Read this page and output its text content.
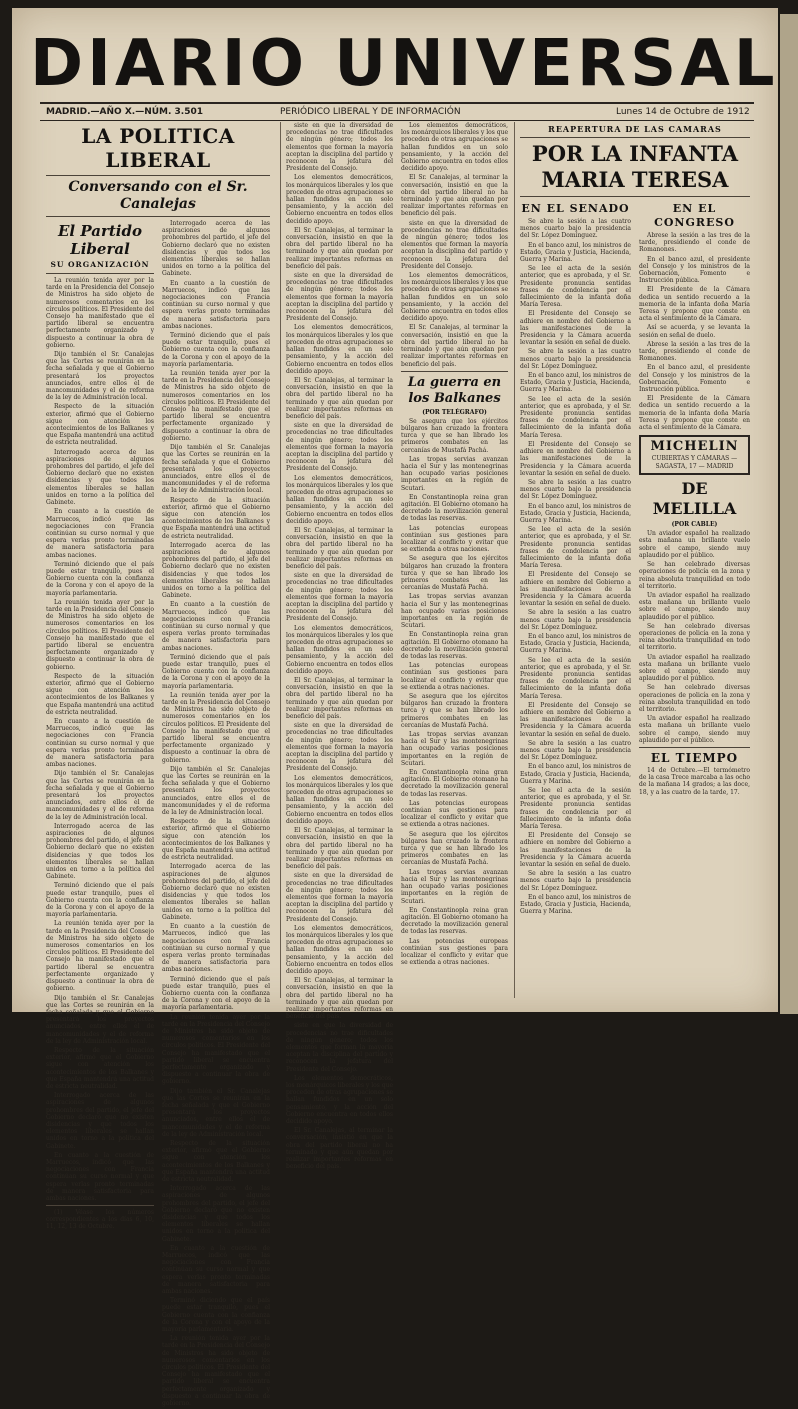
DIARIO UNIVERSAL
MADRID.—AÑO X.—NÚM. 3.501	PERIÓDICO LIBERAL Y DE INFORMACIÓN	Lunes 14 de Octubre de 1912
LA POLITICA LIBERAL
Conversando con el Sr. Canalejas
El Partido Liberal
SU ORGANIZACIÓN

La reunión tenida ayer por la tarde en la Presidencia del Consejo de Ministros ha sido objeto de numerosos comentarios en los círculos políticos. El Presidente del Consejo ha manifestado que el partido liberal se encuentra perfectamente organizado y dispuesto a continuar la obra de gobierno.

Dijo también el Sr. Canalejas que las Cortes se reunirán en la fecha señalada y que el Gobierno presentará los proyectos anunciados, entre ellos el de mancomunidades y el de reforma de la ley de Administración local.

Respecto de la situación exterior, afirmó que el Gobierno sigue con atención los acontecimientos de los Balkanes y que España mantendrá una actitud de estricta neutralidad.

Interrogado acerca de las aspiraciones de algunos prohombres del partido, el jefe del Gobierno declaró que no existen disidencias y que todos los elementos liberales se hallan unidos en torno a la política del Gabinete.

En cuanto a la cuestión de Marruecos, indicó que las negociaciones con Francia continúan su curso normal y que espera verlas pronto terminadas de manera satisfactoria para ambas naciones.

Terminó diciendo que el país puede estar tranquilo, pues el Gobierno cuenta con la confianza de la Corona y con el apoyo de la mayoría parlamentaria.

La reunión tenida ayer por la tarde en la Presidencia del Consejo de Ministros ha sido objeto de numerosos comentarios en los círculos políticos. El Presidente del Consejo ha manifestado que el partido liberal se encuentra perfectamente organizado y dispuesto a continuar la obra de gobierno.

Respecto de la situación exterior, afirmó que el Gobierno sigue con atención los acontecimientos de los Balkanes y que España mantendrá una actitud de estricta neutralidad.

En cuanto a la cuestión de Marruecos, indicó que las negociaciones con Francia continúan su curso normal y que espera verlas pronto terminadas de manera satisfactoria para ambas naciones.

Dijo también el Sr. Canalejas que las Cortes se reunirán en la fecha señalada y que el Gobierno presentará los proyectos anunciados, entre ellos el de mancomunidades y el de reforma de la ley de Administración local.

Interrogado acerca de las aspiraciones de algunos prohombres del partido, el jefe del Gobierno declaró que no existen disidencias y que todos los elementos liberales se hallan unidos en torno a la política del Gabinete.

Terminó diciendo que el país puede estar tranquilo, pues el Gobierno cuenta con la confianza de la Corona y con el apoyo de la mayoría parlamentaria.

La reunión tenida ayer por la tarde en la Presidencia del Consejo de Ministros ha sido objeto de numerosos comentarios en los círculos políticos. El Presidente del Consejo ha manifestado que el partido liberal se encuentra perfectamente organizado y dispuesto a continuar la obra de gobierno.

Dijo también el Sr. Canalejas que las Cortes se reunirán en la fecha señalada y que el Gobierno presentará los proyectos anunciados, entre ellos el de mancomunidades y el de reforma de la ley de Administración local.

Respecto de la situación exterior, afirmó que el Gobierno sigue con atención los acontecimientos de los Balkanes y que España mantendrá una actitud de estricta neutralidad.

Interrogado acerca de las aspiraciones de algunos prohombres del partido, el jefe del Gobierno declaró que no existen disidencias y que todos los elementos liberales se hallan unidos en torno a la política del Gabinete.

En cuanto a la cuestión de Marruecos, indicó que las negociaciones con Francia continúan su curso normal y que espera verlas pronto terminadas de manera satisfactoria para ambas naciones.

(1) Véase los números correspondientes a los días 6, 10, 11, 12, 13 de Octubre.

Interrogado acerca de las aspiraciones de algunos prohombres del partido, el jefe del Gobierno declaró que no existen disidencias y que todos los elementos liberales se hallan unidos en torno a la política del Gabinete.

En cuanto a la cuestión de Marruecos, indicó que las negociaciones con Francia continúan su curso normal y que espera verlas pronto terminadas de manera satisfactoria para ambas naciones.

Terminó diciendo que el país puede estar tranquilo, pues el Gobierno cuenta con la confianza de la Corona y con el apoyo de la mayoría parlamentaria.

La reunión tenida ayer por la tarde en la Presidencia del Consejo de Ministros ha sido objeto de numerosos comentarios en los círculos políticos. El Presidente del Consejo ha manifestado que el partido liberal se encuentra perfectamente organizado y dispuesto a continuar la obra de gobierno.

Dijo también el Sr. Canalejas que las Cortes se reunirán en la fecha señalada y que el Gobierno presentará los proyectos anunciados, entre ellos el de mancomunidades y el de reforma de la ley de Administración local.

Respecto de la situación exterior, afirmó que el Gobierno sigue con atención los acontecimientos de los Balkanes y que España mantendrá una actitud de estricta neutralidad.

Interrogado acerca de las aspiraciones de algunos prohombres del partido, el jefe del Gobierno declaró que no existen disidencias y que todos los elementos liberales se hallan unidos en torno a la política del Gabinete.

En cuanto a la cuestión de Marruecos, indicó que las negociaciones con Francia continúan su curso normal y que espera verlas pronto terminadas de manera satisfactoria para ambas naciones.

Terminó diciendo que el país puede estar tranquilo, pues el Gobierno cuenta con la confianza de la Corona y con el apoyo de la mayoría parlamentaria.

La reunión tenida ayer por la tarde en la Presidencia del Consejo de Ministros ha sido objeto de numerosos comentarios en los círculos políticos. El Presidente del Consejo ha manifestado que el partido liberal se encuentra perfectamente organizado y dispuesto a continuar la obra de gobierno.

Dijo también el Sr. Canalejas que las Cortes se reunirán en la fecha señalada y que el Gobierno presentará los proyectos anunciados, entre ellos el de mancomunidades y el de reforma de la ley de Administración local.

Respecto de la situación exterior, afirmó que el Gobierno sigue con atención los acontecimientos de los Balkanes y que España mantendrá una actitud de estricta neutralidad.

Interrogado acerca de las aspiraciones de algunos prohombres del partido, el jefe del Gobierno declaró que no existen disidencias y que todos los elementos liberales se hallan unidos en torno a la política del Gabinete.

En cuanto a la cuestión de Marruecos, indicó que las negociaciones con Francia continúan su curso normal y que espera verlas pronto terminadas de manera satisfactoria para ambas naciones.

Terminó diciendo que el país puede estar tranquilo, pues el Gobierno cuenta con la confianza de la Corona y con el apoyo de la mayoría parlamentaria.

La reunión tenida ayer por la tarde en la Presidencia del Consejo de Ministros ha sido objeto de numerosos comentarios en los círculos políticos. El Presidente del Consejo ha manifestado que el partido liberal se encuentra perfectamente organizado y dispuesto a continuar la obra de gobierno.

Dijo también el Sr. Canalejas que las Cortes se reunirán en la fecha señalada y que el Gobierno presentará los proyectos anunciados, entre ellos el de mancomunidades y el de reforma de la ley de Administración local.

Respecto de la situación exterior, afirmó que el Gobierno sigue con atención los acontecimientos de los Balkanes y que España mantendrá una actitud de estricta neutralidad.

Interrogado acerca de las aspiraciones de algunos prohombres del partido, el jefe del Gobierno declaró que no existen disidencias y que todos los elementos liberales se hallan unidos en torno a la política del Gabinete.

En cuanto a la cuestión de Marruecos, indicó que las negociaciones con Francia continúan su curso normal y que espera verlas pronto terminadas de manera satisfactoria para ambas naciones.

Terminó diciendo que el país puede estar tranquilo, pues el Gobierno cuenta con la confianza de la Corona y con el apoyo de la mayoría parlamentaria.

La reunión tenida ayer por la tarde en la Presidencia del Consejo de Ministros ha sido objeto de numerosos comentarios en los círculos políticos. El Presidente del Consejo ha manifestado que el partido liberal se encuentra perfectamente organizado y dispuesto a continuar la obra de gobierno.

siste en que la diversidad de procedencias no trae dificultades de ningún género; todos los elementos que forman la mayoría aceptan la disciplina del partido y reconocen la jefatura del Presidente del Consejo.

Los elementos democráticos, los monárquicos liberales y los que proceden de otras agrupaciones se hallan fundidos en un solo pensamiento, y la acción del Gobierno encuentra en todos ellos decidido apoyo.

El Sr. Canalejas, al terminar la conversación, insistió en que la obra del partido liberal no ha terminado y que aún quedan por realizar importantes reformas en beneficio del país.

siste en que la diversidad de procedencias no trae dificultades de ningún género; todos los elementos que forman la mayoría aceptan la disciplina del partido y reconocen la jefatura del Presidente del Consejo.

Los elementos democráticos, los monárquicos liberales y los que proceden de otras agrupaciones se hallan fundidos en un solo pensamiento, y la acción del Gobierno encuentra en todos ellos decidido apoyo.

El Sr. Canalejas, al terminar la conversación, insistió en que la obra del partido liberal no ha terminado y que aún quedan por realizar importantes reformas en beneficio del país.

siste en que la diversidad de procedencias no trae dificultades de ningún género; todos los elementos que forman la mayoría aceptan la disciplina del partido y reconocen la jefatura del Presidente del Consejo.

Los elementos democráticos, los monárquicos liberales y los que proceden de otras agrupaciones se hallan fundidos en un solo pensamiento, y la acción del Gobierno encuentra en todos ellos decidido apoyo.

El Sr. Canalejas, al terminar la conversación, insistió en que la obra del partido liberal no ha terminado y que aún quedan por realizar importantes reformas en beneficio del país.

siste en que la diversidad de procedencias no trae dificultades de ningún género; todos los elementos que forman la mayoría aceptan la disciplina del partido y reconocen la jefatura del Presidente del Consejo.

Los elementos democráticos, los monárquicos liberales y los que proceden de otras agrupaciones se hallan fundidos en un solo pensamiento, y la acción del Gobierno encuentra en todos ellos decidido apoyo.

El Sr. Canalejas, al terminar la conversación, insistió en que la obra del partido liberal no ha terminado y que aún quedan por realizar importantes reformas en beneficio del país.

siste en que la diversidad de procedencias no trae dificultades de ningún género; todos los elementos que forman la mayoría aceptan la disciplina del partido y reconocen la jefatura del Presidente del Consejo.

Los elementos democráticos, los monárquicos liberales y los que proceden de otras agrupaciones se hallan fundidos en un solo pensamiento, y la acción del Gobierno encuentra en todos ellos decidido apoyo.

El Sr. Canalejas, al terminar la conversación, insistió en que la obra del partido liberal no ha terminado y que aún quedan por realizar importantes reformas en beneficio del país.

siste en que la diversidad de procedencias no trae dificultades de ningún género; todos los elementos que forman la mayoría aceptan la disciplina del partido y reconocen la jefatura del Presidente del Consejo.

Los elementos democráticos, los monárquicos liberales y los que proceden de otras agrupaciones se hallan fundidos en un solo pensamiento, y la acción del Gobierno encuentra en todos ellos decidido apoyo.

El Sr. Canalejas, al terminar la conversación, insistió en que la obra del partido liberal no ha terminado y que aún quedan por realizar importantes reformas en beneficio del país.

siste en que la diversidad de procedencias no trae dificultades de ningún género; todos los elementos que forman la mayoría aceptan la disciplina del partido y reconocen la jefatura del Presidente del Consejo.

Los elementos democráticos, los monárquicos liberales y los que proceden de otras agrupaciones se hallan fundidos en un solo pensamiento, y la acción del Gobierno encuentra en todos ellos decidido apoyo.

El Sr. Canalejas, al terminar la conversación, insistió en que la obra del partido liberal no ha terminado y que aún quedan por realizar importantes reformas en beneficio del país.

Los elementos democráticos, los monárquicos liberales y los que proceden de otras agrupaciones se hallan fundidos en un solo pensamiento, y la acción del Gobierno encuentra en todos ellos decidido apoyo.

El Sr. Canalejas, al terminar la conversación, insistió en que la obra del partido liberal no ha terminado y que aún quedan por realizar importantes reformas en beneficio del país.

siste en que la diversidad de procedencias no trae dificultades de ningún género; todos los elementos que forman la mayoría aceptan la disciplina del partido y reconocen la jefatura del Presidente del Consejo.

Los elementos democráticos, los monárquicos liberales y los que proceden de otras agrupaciones se hallan fundidos en un solo pensamiento, y la acción del Gobierno encuentra en todos ellos decidido apoyo.

El Sr. Canalejas, al terminar la conversación, insistió en que la obra del partido liberal no ha terminado y que aún quedan por realizar importantes reformas en beneficio del país.

La guerra en los Balkanes
(POR TELÉGRAFO)

Se asegura que los ejércitos búlgaros han cruzado la frontera turca y que se han librado los primeros combates en las cercanías de Mustafá Pachá.

Las tropas servias avanzan hacia el Sur y las montenegrinas han ocupado varias posiciones importantes en la región de Scutari.

En Constantinopla reina gran agitación. El Gobierno otomano ha decretado la movilización general de todas las reservas.

Las potencias europeas continúan sus gestiones para localizar el conflicto y evitar que se extienda a otras naciones.

Se asegura que los ejércitos búlgaros han cruzado la frontera turca y que se han librado los primeros combates en las cercanías de Mustafá Pachá.

Las tropas servias avanzan hacia el Sur y las montenegrinas han ocupado varias posiciones importantes en la región de Scutari.

En Constantinopla reina gran agitación. El Gobierno otomano ha decretado la movilización general de todas las reservas.

Las potencias europeas continúan sus gestiones para localizar el conflicto y evitar que se extienda a otras naciones.

Se asegura que los ejércitos búlgaros han cruzado la frontera turca y que se han librado los primeros combates en las cercanías de Mustafá Pachá.

Las tropas servias avanzan hacia el Sur y las montenegrinas han ocupado varias posiciones importantes en la región de Scutari.

En Constantinopla reina gran agitación. El Gobierno otomano ha decretado la movilización general de todas las reservas.

Las potencias europeas continúan sus gestiones para localizar el conflicto y evitar que se extienda a otras naciones.

Se asegura que los ejércitos búlgaros han cruzado la frontera turca y que se han librado los primeros combates en las cercanías de Mustafá Pachá.

Las tropas servias avanzan hacia el Sur y las montenegrinas han ocupado varias posiciones importantes en la región de Scutari.

En Constantinopla reina gran agitación. El Gobierno otomano ha decretado la movilización general de todas las reservas.

Las potencias europeas continúan sus gestiones para localizar el conflicto y evitar que se extienda a otras naciones.

REAPERTURA DE LAS CAMARAS
POR LA INFANTA MARIA TERESA
EN EL SENADO

Se abre la sesión a las cuatro menos cuarto bajo la presidencia del Sr. López Domínguez.

En el banco azul, los ministros de Estado, Gracia y Justicia, Hacienda, Guerra y Marina.

Se lee el acta de la sesión anterior, que es aprobada, y el Sr. Presidente pronuncia sentidas frases de condolencia por el fallecimiento de la infanta doña María Teresa.

El Presidente del Consejo se adhiere en nombre del Gobierno a las manifestaciones de la Presidencia y la Cámara acuerda levantar la sesión en señal de duelo.

Se abre la sesión a las cuatro menos cuarto bajo la presidencia del Sr. López Domínguez.

En el banco azul, los ministros de Estado, Gracia y Justicia, Hacienda, Guerra y Marina.

Se lee el acta de la sesión anterior, que es aprobada, y el Sr. Presidente pronuncia sentidas frases de condolencia por el fallecimiento de la infanta doña María Teresa.

El Presidente del Consejo se adhiere en nombre del Gobierno a las manifestaciones de la Presidencia y la Cámara acuerda levantar la sesión en señal de duelo.

Se abre la sesión a las cuatro menos cuarto bajo la presidencia del Sr. López Domínguez.

En el banco azul, los ministros de Estado, Gracia y Justicia, Hacienda, Guerra y Marina.

Se lee el acta de la sesión anterior, que es aprobada, y el Sr. Presidente pronuncia sentidas frases de condolencia por el fallecimiento de la infanta doña María Teresa.

El Presidente del Consejo se adhiere en nombre del Gobierno a las manifestaciones de la Presidencia y la Cámara acuerda levantar la sesión en señal de duelo.

Se abre la sesión a las cuatro menos cuarto bajo la presidencia del Sr. López Domínguez.

En el banco azul, los ministros de Estado, Gracia y Justicia, Hacienda, Guerra y Marina.

Se lee el acta de la sesión anterior, que es aprobada, y el Sr. Presidente pronuncia sentidas frases de condolencia por el fallecimiento de la infanta doña María Teresa.

El Presidente del Consejo se adhiere en nombre del Gobierno a las manifestaciones de la Presidencia y la Cámara acuerda levantar la sesión en señal de duelo.

Se abre la sesión a las cuatro menos cuarto bajo la presidencia del Sr. López Domínguez.

En el banco azul, los ministros de Estado, Gracia y Justicia, Hacienda, Guerra y Marina.

Se lee el acta de la sesión anterior, que es aprobada, y el Sr. Presidente pronuncia sentidas frases de condolencia por el fallecimiento de la infanta doña María Teresa.

El Presidente del Consejo se adhiere en nombre del Gobierno a las manifestaciones de la Presidencia y la Cámara acuerda levantar la sesión en señal de duelo.

Se abre la sesión a las cuatro menos cuarto bajo la presidencia del Sr. López Domínguez.

En el banco azul, los ministros de Estado, Gracia y Justicia, Hacienda, Guerra y Marina.

EN EL CONGRESO

Abrese la sesión a las tres de la tarde, presidiendo el conde de Romanones.

En el banco azul, el presidente del Consejo y los ministros de la Gobernación, Fomento e Instrucción pública.

El Presidente de la Cámara dedica un sentido recuerdo a la memoria de la infanta doña María Teresa y propone que conste en acta el sentimiento de la Cámara.

Así se acuerda, y se levanta la sesión en señal de duelo.

Abrese la sesión a las tres de la tarde, presidiendo el conde de Romanones.

En el banco azul, el presidente del Consejo y los ministros de la Gobernación, Fomento e Instrucción pública.

El Presidente de la Cámara dedica un sentido recuerdo a la memoria de la infanta doña María Teresa y propone que conste en acta el sentimiento de la Cámara.

MICHELIN
CUBIERTAS Y CÁMARAS — SAGASTA, 17 — MADRID
DE MELILLA
(POR CABLE)

Un aviador español ha realizado esta mañana un brillante vuelo sobre el campo, siendo muy aplaudido por el público.

Se han celebrado diversas operaciones de policía en la zona y reina absoluta tranquilidad en todo el territorio.

Un aviador español ha realizado esta mañana un brillante vuelo sobre el campo, siendo muy aplaudido por el público.

Se han celebrado diversas operaciones de policía en la zona y reina absoluta tranquilidad en todo el territorio.

Un aviador español ha realizado esta mañana un brillante vuelo sobre el campo, siendo muy aplaudido por el público.

Se han celebrado diversas operaciones de policía en la zona y reina absoluta tranquilidad en todo el territorio.

Un aviador español ha realizado esta mañana un brillante vuelo sobre el campo, siendo muy aplaudido por el público.

EL TIEMPO

14 de Octubre.—El termómetro de la casa Trece marcaba a las ocho de la mañana 14 grados; a las doce, 18, y a las cuatro de la tarde, 17.
